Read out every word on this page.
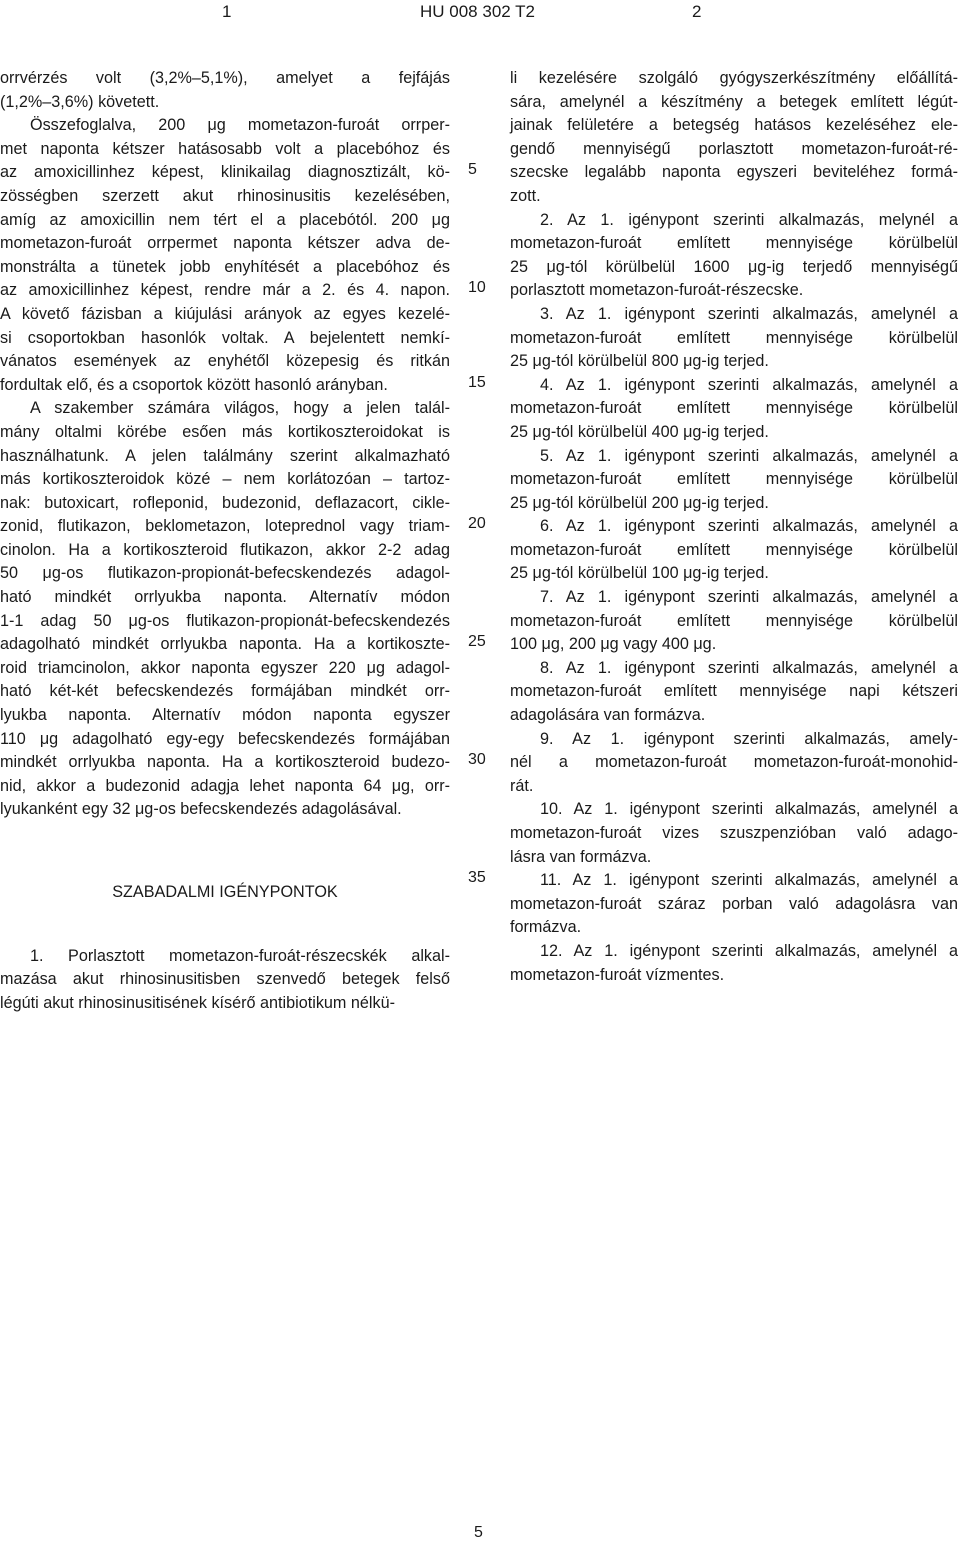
1	HU 008 302 T2	2

orrvérzés volt (3,2%–5,1%), amelyet a fejfájás
(1,2%–3,6%) követett.

Összefoglalva, 200 μg mometazon-furoát orrper-
met naponta kétszer hatásosabb volt a placebóhoz és
az amoxicillinhez képest, klinikailag diagnosztizált, kö-
zösségben szerzett akut rhinosinusitis kezelésében,
amíg az amoxicillin nem tért el a placebótól. 200 μg
mometazon-furoát orrpermet naponta kétszer adva de-
monstrálta a tünetek jobb enyhítését a placebóhoz és
az amoxicillinhez képest, rendre már a 2. és 4. napon.
A követő fázisban a kiújulási arányok az egyes kezelé-
si csoportokban hasonlók voltak. A bejelentett nemkí-
vánatos események az enyhétől közepesig és ritkán
fordultak elő, és a csoportok között hasonló arányban.

A szakember számára világos, hogy a jelen talál-
mány oltalmi körébe esően más kortikoszteroidokat is
használhatunk. A jelen találmány szerint alkalmazható
más kortikoszteroidok közé – nem korlátozóan – tartoz-
nak: butoxicart, rofleponid, budezonid, deflazacort, cikle-
zonid, flutikazon, beklometazon, loteprednol vagy triam-
cinolon. Ha a kortikoszteroid flutikazon, akkor 2-2 adag
50 μg-os flutikazon-propionát-befecskendezés adagol-
ható mindkét orrlyukba naponta. Alternatív módon
1-1 adag 50 μg-os flutikazon-propionát-befecskendezés
adagolható mindkét orrlyukba naponta. Ha a kortikoszte-
roid triamcinolon, akkor naponta egyszer 220 μg adagol-
ható két-két befecskendezés formájában mindkét orr-
lyukba naponta. Alternatív módon naponta egyszer
110 μg adagolható egy-egy befecskendezés formájában
mindkét orrlyukba naponta. Ha a kortikoszteroid budezo-
nid, akkor a budezonid adagja lehet naponta 64 μg, orr-
lyukanként egy 32 μg-os befecskendezés adagolásával.

SZABADALMI IGÉNYPONTOK

1. Porlasztott mometazon-furoát-részecskék alkal-
mazása akut rhinosinusitisben szenvedő betegek felső
légúti akut rhinosinusitisének kísérő antibiotikum nélkü-

li kezelésére szolgáló gyógyszerkészítmény előállítá-
sára, amelynél a készítmény a betegek említett légút-
jainak felületére a betegség hatásos kezeléséhez ele-
gendő mennyiségű porlasztott mometazon-furoát-ré-
szecske legalább naponta egyszeri beviteléhez formá-
zott.

2. Az 1. igénypont szerinti alkalmazás, melynél a
mometazon-furoát említett mennyisége körülbelül
25 μg-tól körülbelül 1600 μg-ig terjedő mennyiségű
porlasztott mometazon-furoát-részecske.

3. Az 1. igénypont szerinti alkalmazás, amelynél a
mometazon-furoát említett mennyisége körülbelül
25 μg-tól körülbelül 800 μg-ig terjed.

4. Az 1. igénypont szerinti alkalmazás, amelynél a
mometazon-furoát említett mennyisége körülbelül
25 μg-tól körülbelül 400 μg-ig terjed.

5. Az 1. igénypont szerinti alkalmazás, amelynél a
mometazon-furoát említett mennyisége körülbelül
25 μg-tól körülbelül 200 μg-ig terjed.

6. Az 1. igénypont szerinti alkalmazás, amelynél a
mometazon-furoát említett mennyisége körülbelül
25 μg-tól körülbelül 100 μg-ig terjed.

7. Az 1. igénypont szerinti alkalmazás, amelynél a
mometazon-furoát említett mennyisége körülbelül
100 μg, 200 μg vagy 400 μg.

8. Az 1. igénypont szerinti alkalmazás, amelynél a
mometazon-furoát említett mennyisége napi kétszeri
adagolására van formázva.

9. Az 1. igénypont szerinti alkalmazás, amely-
nél a mometazon-furoát mometazon-furoát-monohid-
rát.

10. Az 1. igénypont szerinti alkalmazás, amelynél a
mometazon-furoát vizes szuszpenzióban való adago-
lásra van formázva.

11. Az 1. igénypont szerinti alkalmazás, amelynél a
mometazon-furoát száraz porban való adagolásra van
formázva.

12. Az 1. igénypont szerinti alkalmazás, amelynél a
mometazon-furoát vízmentes.

5
10
15
20
25
30
35
5
